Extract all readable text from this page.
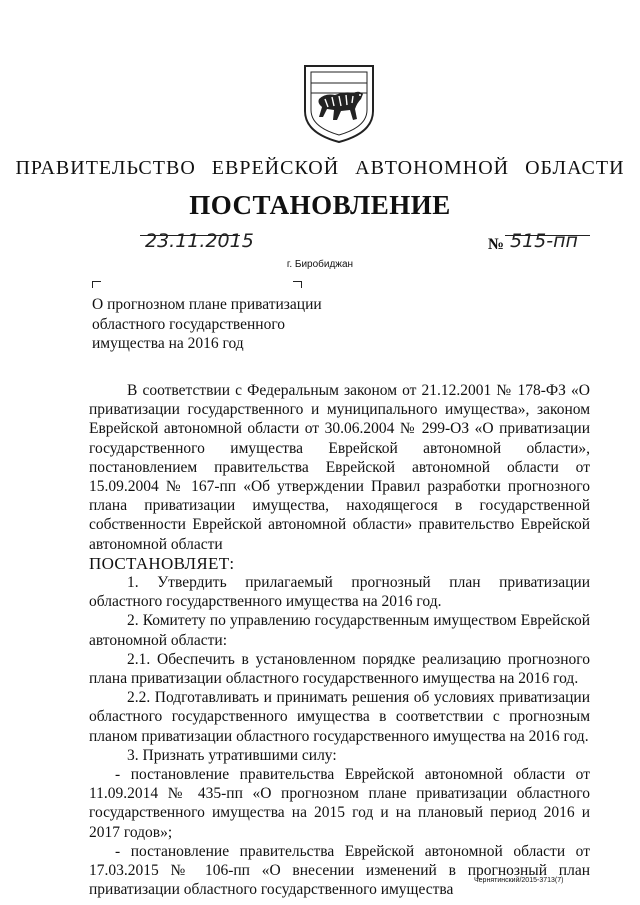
ПРАВИТЕЛЬСТВО ЕВРЕЙСКОЙ АВТОНОМНОЙ ОБЛАСТИ
ПОСТАНОВЛЕНИЕ
23.11.2015	№ 515-пп
г. Биробиджан
О прогнозном плане приватизации
областного государственного
имущества на 2016 год

В соответствии с Федеральным законом от 21.12.2001 № 178-ФЗ «О приватизации государственного и муниципального имущества», законом Еврейской автономной области от 30.06.2004 № 299-ОЗ «О приватизации государственного имущества Еврейской автономной области», постановлением правительства Еврейской автономной области от 15.09.2004 № 167-пп «Об утверждении Правил разработки прогнозного плана приватизации имущества, находящегося в государственной собственности Еврейской автономной области» правительство Еврейской автономной области

ПОСТАНОВЛЯЕТ:

1. Утвердить прилагаемый прогнозный план приватизации областного государственного имущества на 2016 год.

2. Комитету по управлению государственным имуществом Еврейской автономной области:

2.1. Обеспечить в установленном порядке реализацию прогнозного плана приватизации областного государственного имущества на 2016 год.

2.2. Подготавливать и принимать решения об условиях приватизации областного государственного имущества в соответствии с прогнозным планом приватизации областного государственного имущества на 2016 год.

3. Признать утратившими силу:

- постановление правительства Еврейской автономной области от 11.09.2014 № 435-пп «О прогнозном плане приватизации областного государственного имущества на 2015 год и на плановый период 2016 и 2017 годов»;

- постановление правительства Еврейской автономной области от 17.03.2015 № 106-пп «О внесении изменений в прогнозный план приватизации областного государственного имущества

Чернятинский/2015-3713(7)
